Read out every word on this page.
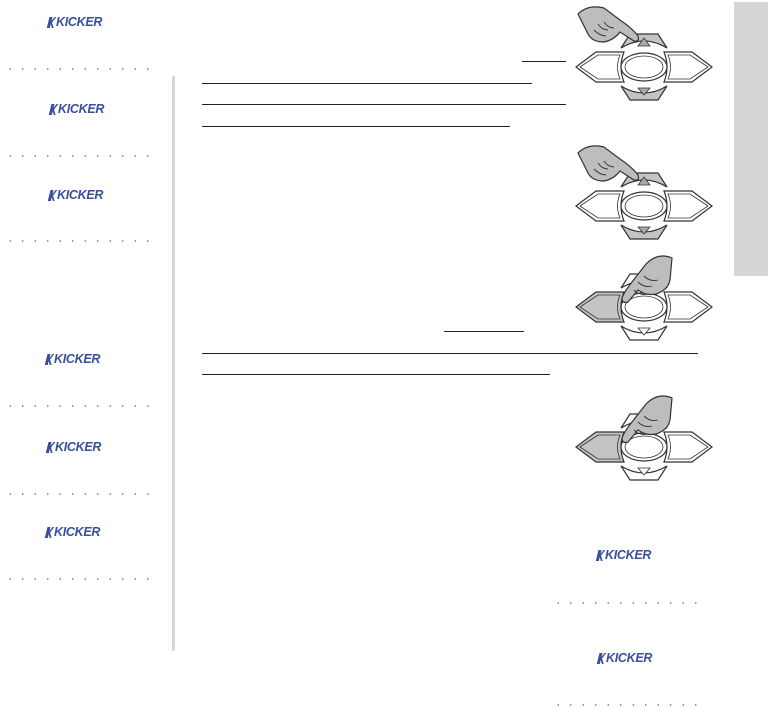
KICKER
KICKER
KICKER
KICKER
KICKER
KICKER
KICKER
KICKER
